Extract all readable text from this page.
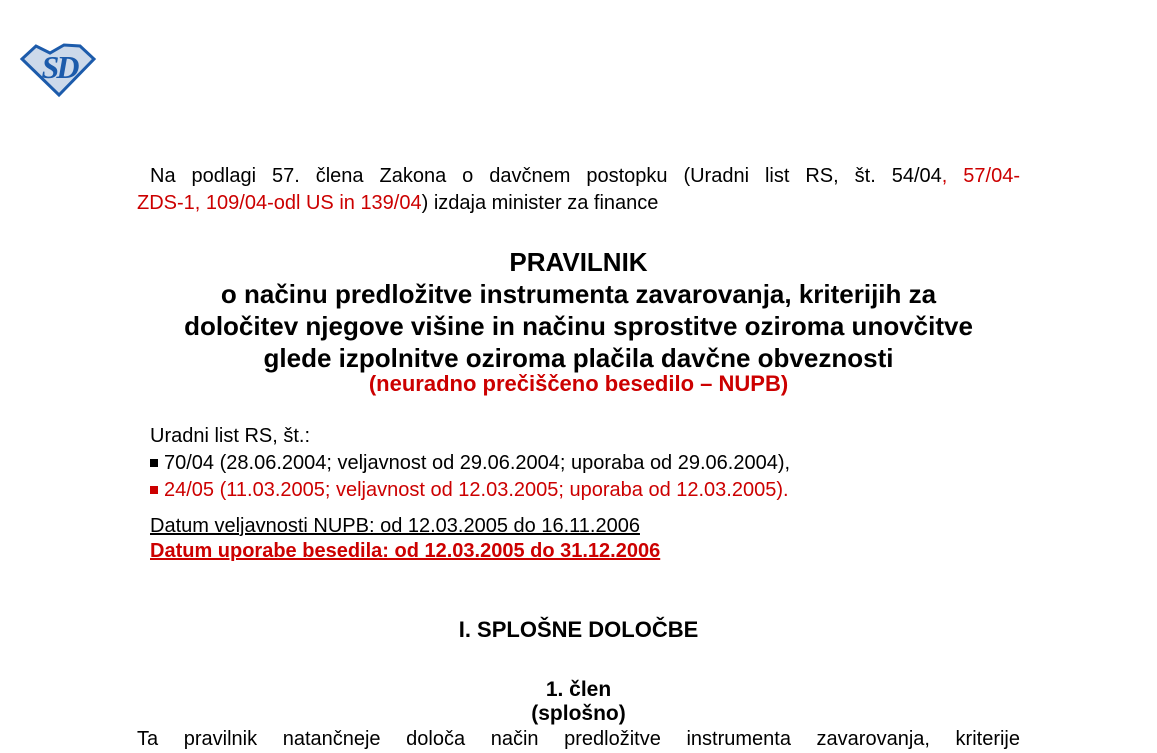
SD
Na podlagi 57. člena Zakona o davčnem postopku (Uradni list RS, št. 54/04, 57/04-
ZDS-1, 109/04-odl US in 139/04) izdaja minister za finance
PRAVILNIK
o načinu predložitve instrumenta zavarovanja, kriterijih za
določitev njegove višine in načinu sprostitve oziroma unovčitve
glede izpolnitve oziroma plačila davčne obveznosti
(neuradno prečiščeno besedilo – NUPB)
Uradni list RS, št.:
70/04 (28.06.2004; veljavnost od 29.06.2004; uporaba od 29.06.2004),
24/05 (11.03.2005; veljavnost od 12.03.2005; uporaba od 12.03.2005).
Datum veljavnosti NUPB: od 12.03.2005 do 16.11.2006
Datum uporabe besedila: od 12.03.2005 do 31.12.2006
I. SPLOŠNE DOLOČBE
1. člen
(splošno)
Ta pravilnik natančneje določa način predložitve instrumenta zavarovanja, kriterije
